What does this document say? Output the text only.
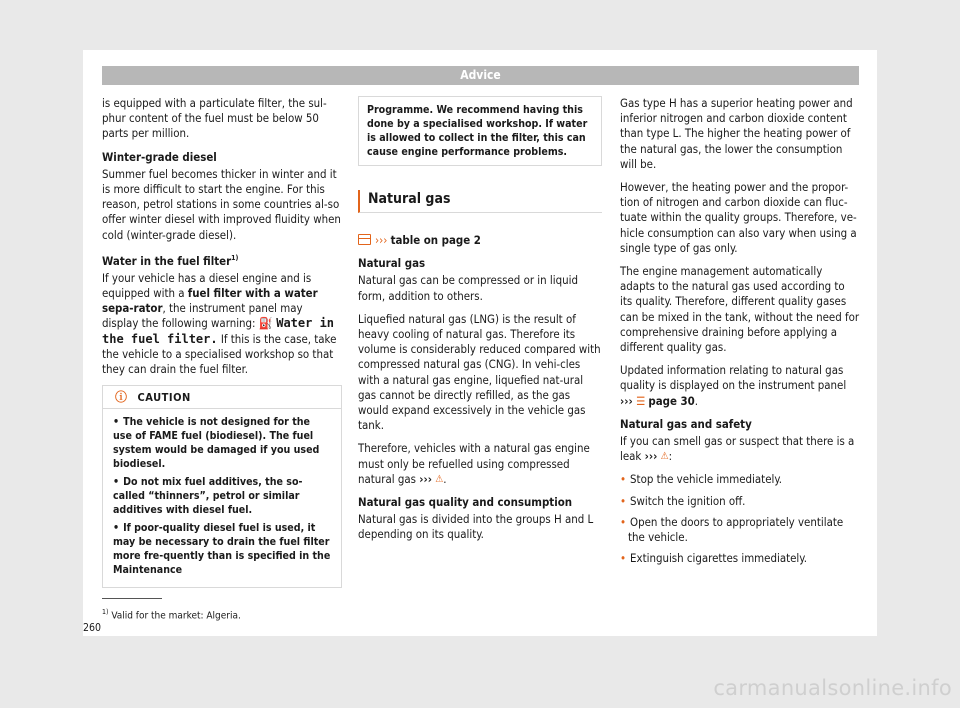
Advice

is equipped with a particulate filter, the sul-phur content of the fuel must be below 50 parts per million.

Winter-grade diesel

Summer fuel becomes thicker in winter and it is more difficult to start the engine. For this reason, petrol stations in some countries al-so offer winter diesel with improved fluidity when cold (winter-grade diesel).

Water in the fuel filter$^{1)}$

If your vehicle has a diesel engine and is equipped with a fuel filter with a water sepa-rator, the instrument panel may display the following warning: ⛽ Water in the fuel filter. If this is the case, take the vehicle to a specialised workshop so that they can drain the fuel filter.

ⓘ CAUTION
• The vehicle is not designed for the use of FAME fuel (biodiesel). The fuel system would be damaged if you used biodiesel.
• Do not mix fuel additives, the so-called “thinners”, petrol or similar additives with diesel fuel.
• If poor-quality diesel fuel is used, it may be necessary to drain the fuel filter more fre-quently than is specified in the Maintenance
Programme. We recommend having this done by a specialised workshop. If water is allowed to collect in the filter, this can cause engine performance problems.
Natural gas

››› table on page 2

Natural gas

Natural gas can be compressed or in liquid form, addition to others.

Liquefied natural gas (LNG) is the result of heavy cooling of natural gas. Therefore its volume is considerably reduced compared with compressed natural gas (CNG). In vehi-cles with a natural gas engine, liquefied nat-ural gas cannot be directly refilled, as the gas would expand excessively in the vehicle gas tank.

Therefore, vehicles with a natural gas engine must only be refuelled using compressed natural gas ››› ⚠.

Natural gas quality and consumption

Natural gas is divided into the groups H and L depending on its quality.

Gas type H has a superior heating power and inferior nitrogen and carbon dioxide content than type L. The higher the heating power of the natural gas, the lower the consumption will be.

However, the heating power and the propor-tion of nitrogen and carbon dioxide can fluc-tuate within the quality groups. Therefore, ve-hicle consumption can also vary when using a single type of gas only.

The engine management automatically adapts to the natural gas used according to its quality. Therefore, different quality gases can be mixed in the tank, without the need for comprehensive draining before applying a different quality gas.

Updated information relating to natural gas quality is displayed on the instrument panel ››› ☰ page 30.

Natural gas and safety

If you can smell gas or suspect that there is a leak ››› ⚠:

• Stop the vehicle immediately.
• Switch the ignition off.
• Open the doors to appropriately ventilate the vehicle.
• Extinguish cigarettes immediately.
$^{1)}$ Valid for the market: Algeria.
260
carmanualsonline.info
